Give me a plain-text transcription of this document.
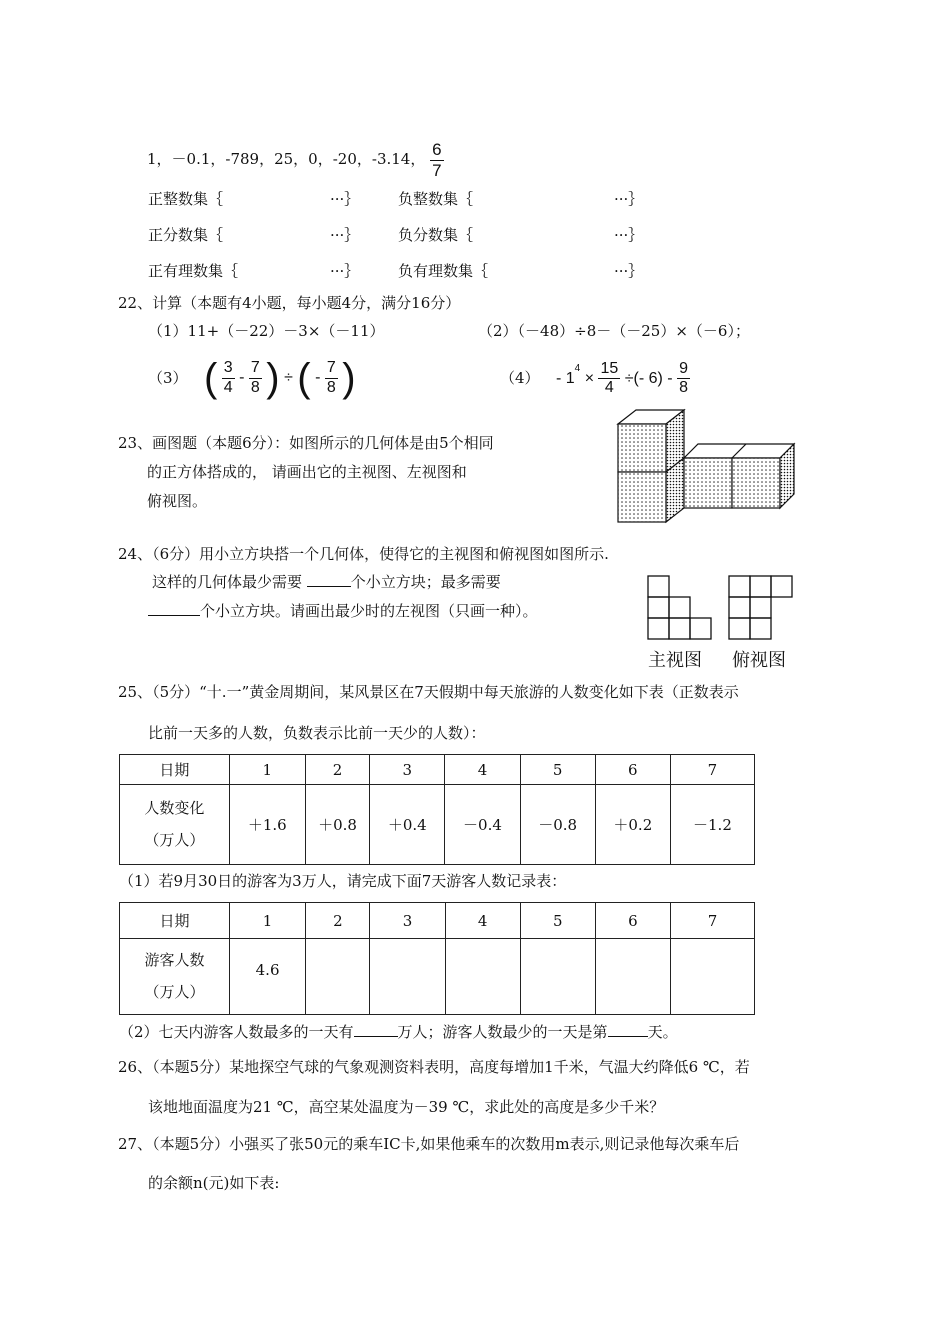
1，－0.1，-789，25，0，-20，-3.14， $\frac{6}{7}$
正整数集｛	···｝	负整数集｛	···｝
正分数集｛	···｝	负分数集｛	···｝
正有理数集｛	···｝	负有理数集｛	···｝
22、计算（本题有4小题，每小题4分，满分16分）
（1）11+（－22）－3×（－11）	（2）（－48）÷8－（－25）×（－6）；
（3） ( $\frac{3}{4} - \frac{7}{8}$ ) ÷ ( - $\frac{7}{8}$ )	$(4) - 1^4 \times \frac{15}{4}$ ÷(- $6) - \frac{9}{8}$
23、画图题（本题6分）：如图所示的几何体是由5个相同
的正方体搭成的， 请画出它的主视图、左视图和
俯视图。
24、（6分）用小立方块搭一个几何体，使得它的主视图和俯视图如图所示.
这样的几何体最少需要	个小立方块；最多需要
个小立方块。请画出最少时的左视图（只画一种）。
主视图 俯视图
25、（5分）“十.一”黄金周期间，某风景区在7天假期中每天旅游的人数变化如下表（正数表示
比前一天多的人数，负数表示比前一天少的人数）：
日期	1	2	3	4	5	6	7
人数变化
（万人）	＋1.6	＋0.8	＋0.4	－0.4	－0.8	＋0.2	－1.2
（1）若9月30日的游客为3万人，请完成下面7天游客人数记录表：
日期	1	2	3	4	5	6	7
游客人数
（万人）	4.6						
（2）七天内游客人数最多的一天有	万人；游客人数最少的一天是第	天。
26、（本题5分）某地探空气球的气象观测资料表明，高度每增加1千米，气温大约降低6 ℃，若
该地地面温度为21 ℃，高空某处温度为－39 ℃，求此处的高度是多少千米？
27、（本题5分）小强买了张50元的乘车IC卡,如果他乘车的次数用m表示,则记录他每次乘车后
的余额n(元)如下表:
